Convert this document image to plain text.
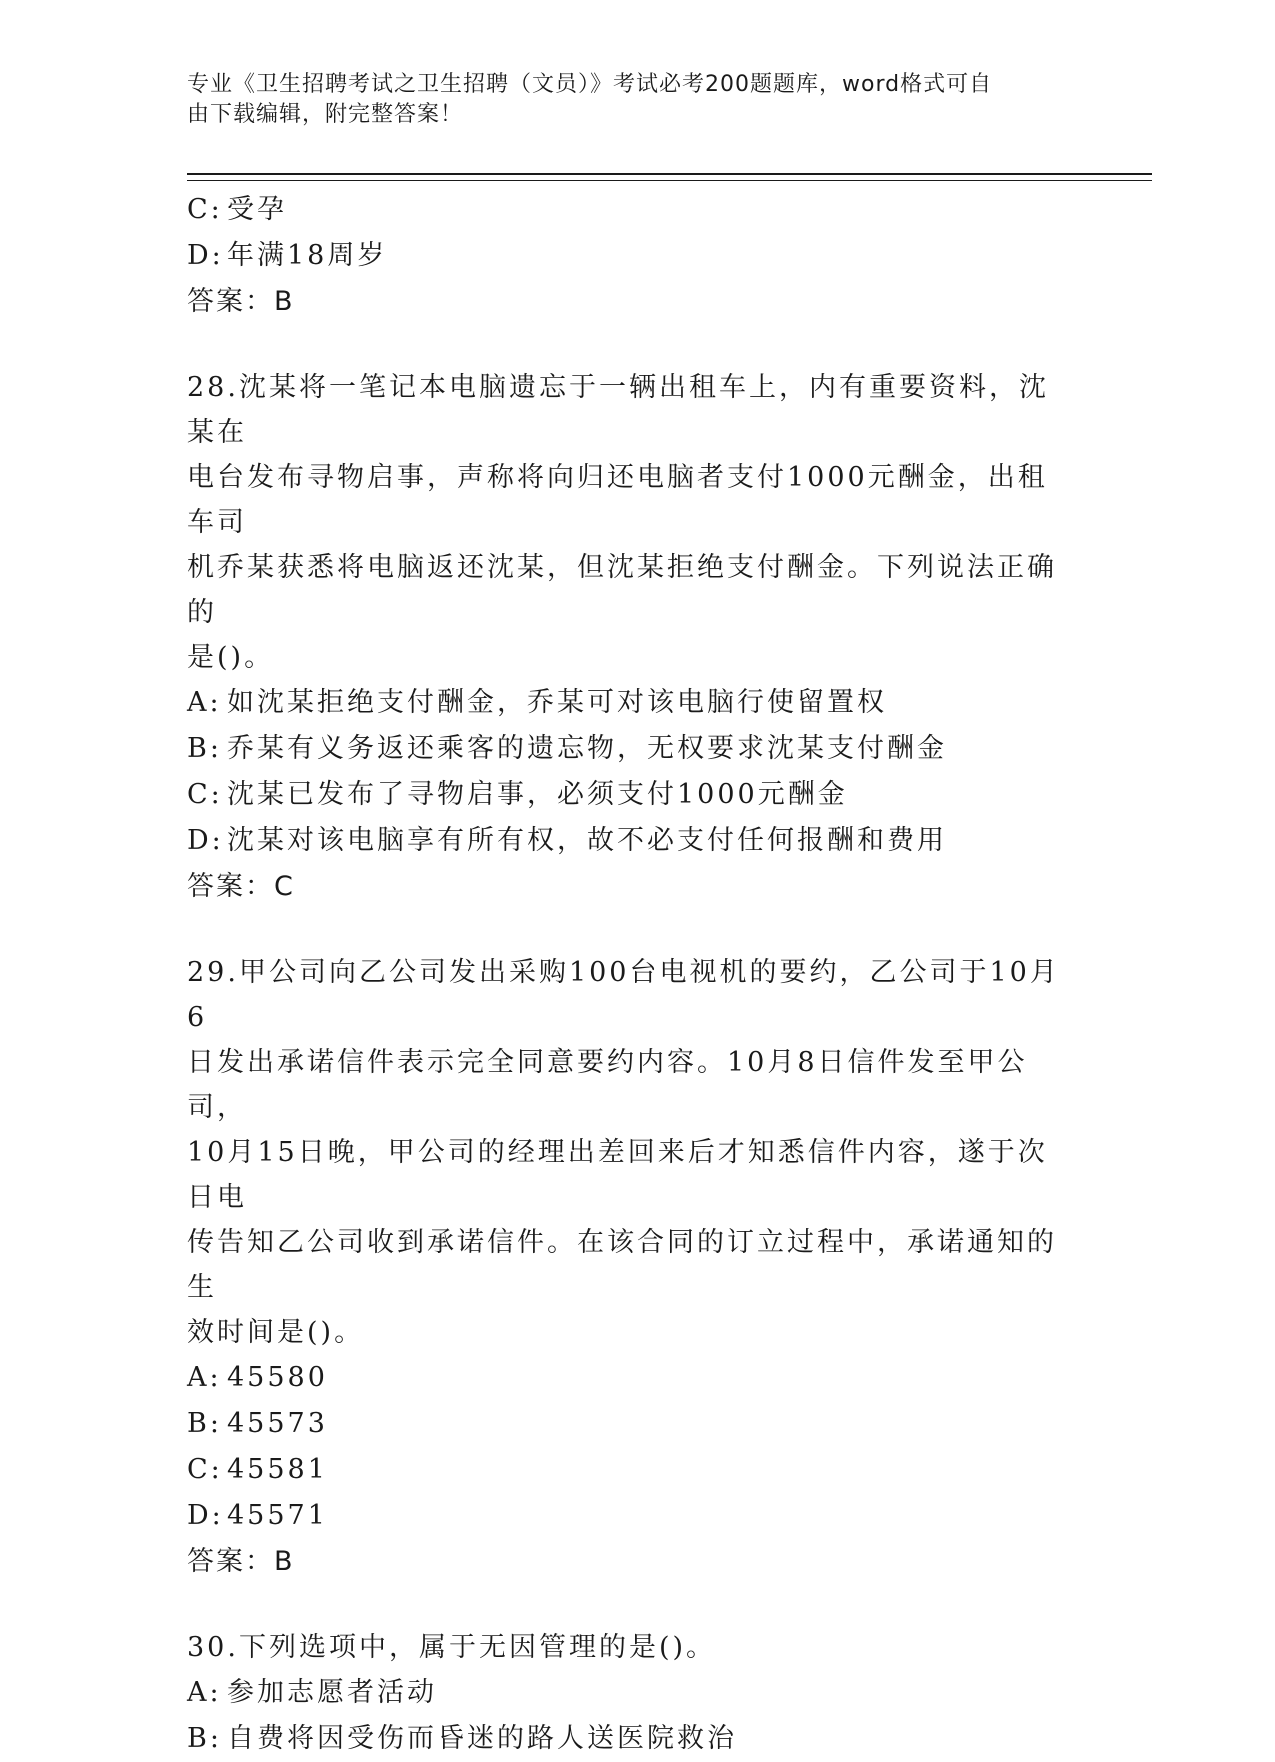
专业《卫生招聘考试之卫生招聘（文员）》考试必考200题题库，word格式可自
由下载编辑，附完整答案！
C: 受孕
D: 年满18周岁
答案：B
28.沈某将一笔记本电脑遗忘于一辆出租车上，内有重要资料，沈某在
电台发布寻物启事，声称将向归还电脑者支付1000元酬金，出租车司
机乔某获悉将电脑返还沈某，但沈某拒绝支付酬金。下列说法正确的
是()。
A: 如沈某拒绝支付酬金，乔某可对该电脑行使留置权
B: 乔某有义务返还乘客的遗忘物，无权要求沈某支付酬金
C: 沈某已发布了寻物启事，必须支付1000元酬金
D: 沈某对该电脑享有所有权，故不必支付任何报酬和费用
答案：C
29.甲公司向乙公司发出采购100台电视机的要约，乙公司于10月6
日发出承诺信件表示完全同意要约内容。10月8日信件发至甲公司，
10月15日晚，甲公司的经理出差回来后才知悉信件内容，遂于次日电
传告知乙公司收到承诺信件。在该合同的订立过程中，承诺通知的生
效时间是()。
A: 45580
B: 45573
C: 45581
D: 45571
答案：B
30.下列选项中，属于无因管理的是()。
A: 参加志愿者活动
B: 自费将因受伤而昏迷的路人送医院救治
